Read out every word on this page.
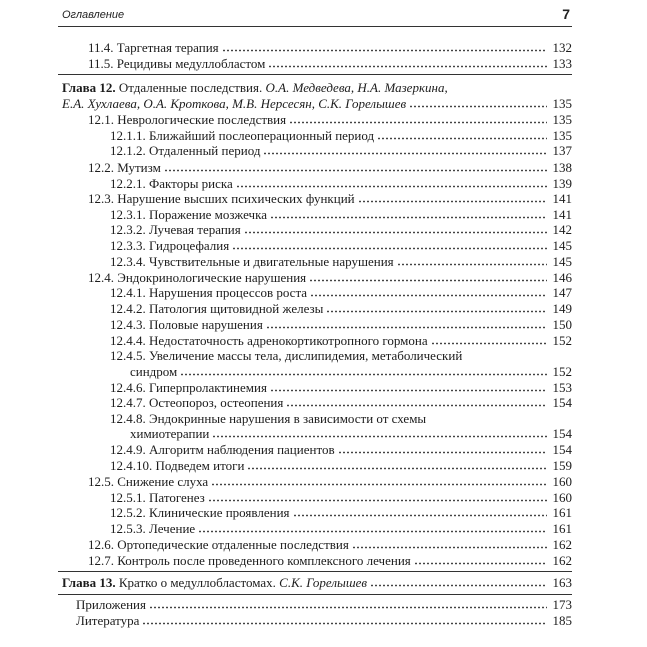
Оглавление	7
11.4. Таргетная терапия	132
11.5. Рецидивы медуллобластом	133
Глава 12. Отдаленные последствия. О.А. Медведева, Н.А. Мазеркина,
Е.А. Хухлаева, О.А. Кроткова, М.В. Нерсесян, С.К. Горелышев	135
12.1. Неврологические последствия	135
12.1.1. Ближайший послеоперационный период	135
12.1.2. Отдаленный период	137
12.2. Мутизм	138
12.2.1. Факторы риска	139
12.3. Нарушение высших психических функций	141
12.3.1. Поражение мозжечка	141
12.3.2. Лучевая терапия	142
12.3.3. Гидроцефалия	145
12.3.4. Чувствительные и двигательные нарушения	145
12.4. Эндокринологические нарушения	146
12.4.1. Нарушения процессов роста	147
12.4.2. Патология щитовидной железы	149
12.4.3. Половые нарушения	150
12.4.4. Недостаточность адренокортикотропного гормона	152
12.4.5. Увеличение массы тела, дислипидемия, метаболический
синдром	152
12.4.6. Гиперпролактинемия	153
12.4.7. Остеопороз, остеопения	154
12.4.8. Эндокринные нарушения в зависимости от схемы
химиотерапии	154
12.4.9. Алгоритм наблюдения пациентов	154
12.4.10. Подведем итоги	159
12.5. Снижение слуха	160
12.5.1. Патогенез	160
12.5.2. Клинические проявления	161
12.5.3. Лечение	161
12.6. Ортопедические отдаленные последствия	162
12.7. Контроль после проведенного комплексного лечения	162
Глава 13. Кратко о медуллобластомах. С.К. Горелышев	163
Приложения	173
Литература	185
